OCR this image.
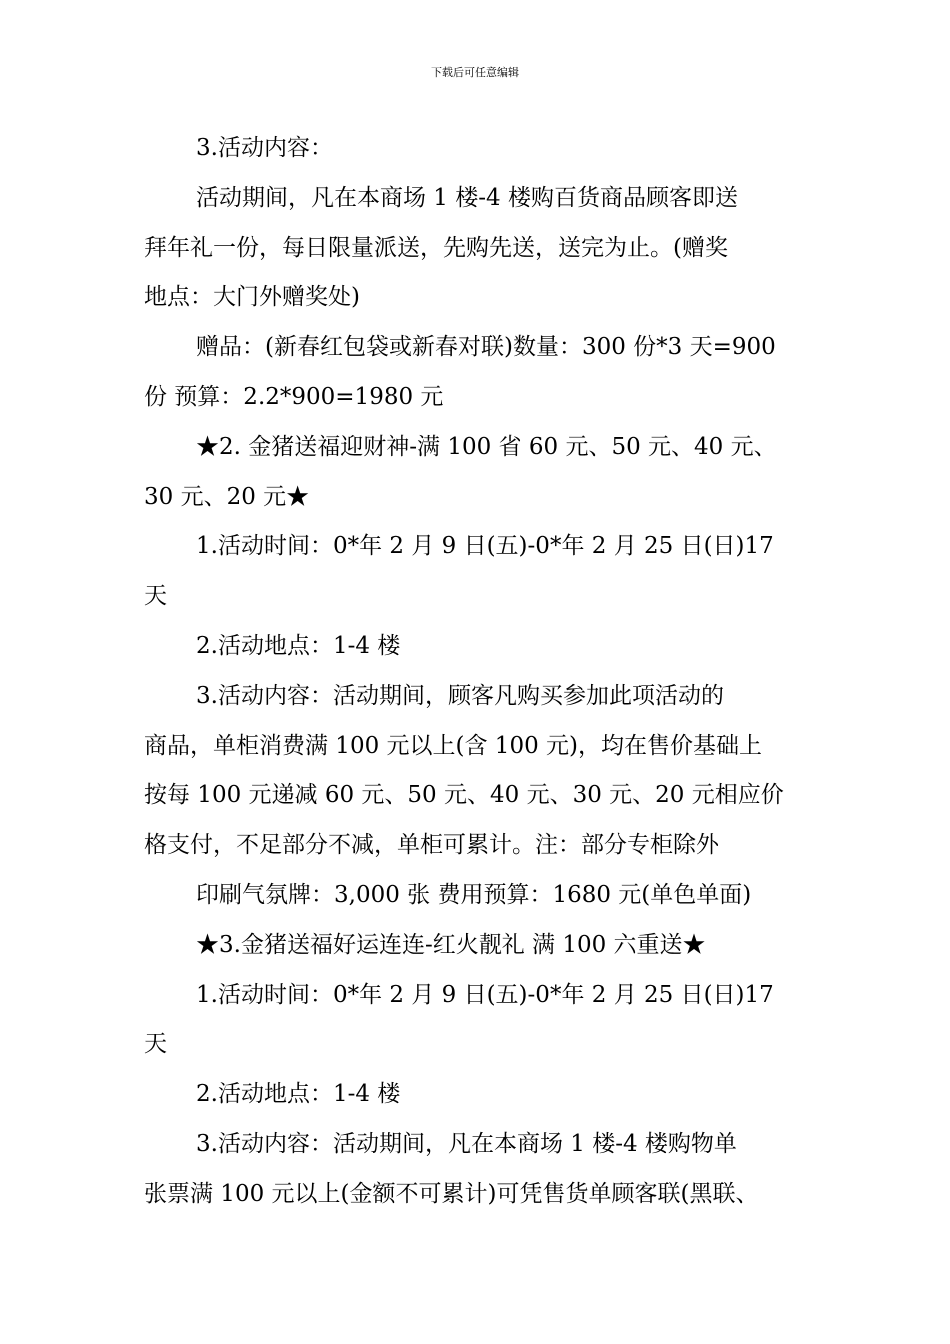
下载后可任意编辑
3.活动内容：
活动期间，凡在本商场 1 楼-4 楼购百货商品顾客即送
拜年礼一份，每日限量派送，先购先送，送完为止。(赠奖
地点：大门外赠奖处)
赠品：(新春红包袋或新春对联)数量：300 份*3 天=900
份 预算：2.2*900=1980 元
★2. 金猪送福迎财神-满 100 省 60 元、50 元、40 元、
30 元、20 元★
1.活动时间：0*年 2 月 9 日(五)-0*年 2 月 25 日(日)17
天
2.活动地点：1-4 楼
3.活动内容：活动期间，顾客凡购买参加此项活动的
商品，单柜消费满 100 元以上(含 100 元)，均在售价基础上
按每 100 元递减 60 元、50 元、40 元、30 元、20 元相应价
格支付，不足部分不减，单柜可累计。注：部分专柜除外
印刷气氛牌：3,000 张 费用预算：1680 元(单色单面)
★3.金猪送福好运连连-红火靓礼 满 100 六重送★
1.活动时间：0*年 2 月 9 日(五)-0*年 2 月 25 日(日)17
天
2.活动地点：1-4 楼
3.活动内容：活动期间，凡在本商场 1 楼-4 楼购物单
张票满 100 元以上(金额不可累计)可凭售货单顾客联(黑联、
